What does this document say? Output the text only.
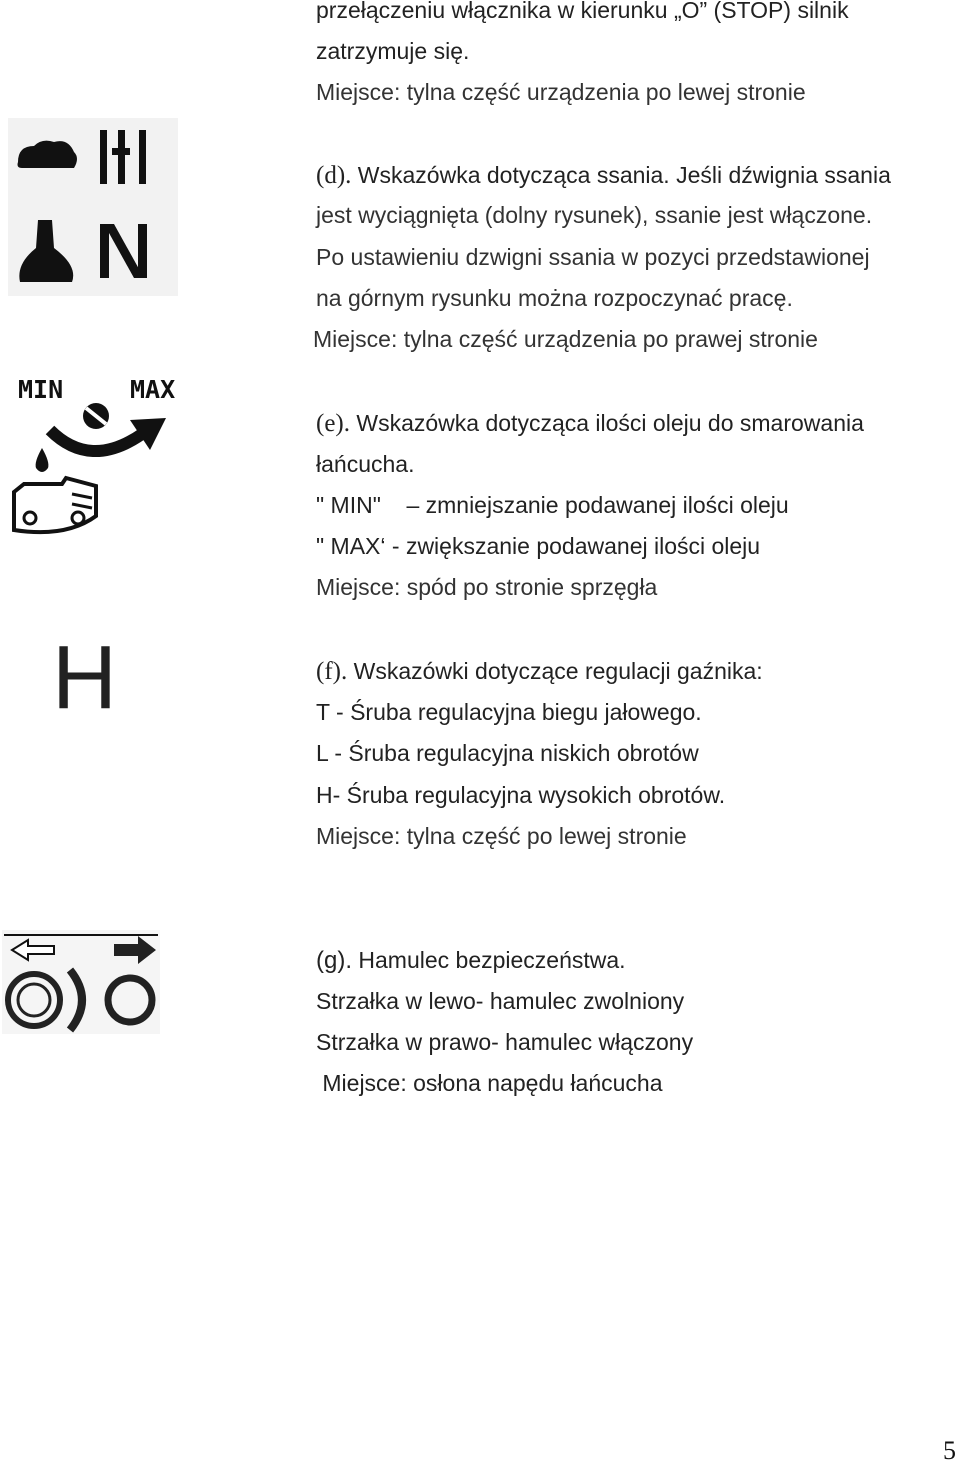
przełączeniu włącznika w kierunku „O” (STOP) silnik
zatrzymuje się.
Miejsce: tylna część urządzenia po lewej stronie
(d). Wskazówka dotycząca ssania. Jeśli dźwignia ssania
jest wyciągnięta (dolny rysunek), ssanie jest włączone.
Po ustawieniu dzwigni ssania w pozyci przedstawionej
na górnym rysunku można rozpoczynać pracę.
Miejsce: tylna część urządzenia po prawej stronie
MIN	MAX
(e). Wskazówka dotycząca ilości oleju do smarowania
łańcucha.
" MIN"    – zmniejszanie podawanej ilości oleju
" MAX‘ - zwiększanie podawanej ilości oleju
Miejsce: spód po stronie sprzęgła
H	(f). Wskazówki dotyczące regulacji gaźnika:
T - Śruba regulacyjna biegu jałowego.
L - Śruba regulacyjna niskich obrotów
H- Śruba regulacyjna wysokich obrotów.
Miejsce: tylna część po lewej stronie
(g). Hamulec bezpieczeństwa.
Strzałka w lewo- hamulec zwolniony
Strzałka w prawo- hamulec włączony
Miejsce: osłona napędu łańcucha
5
